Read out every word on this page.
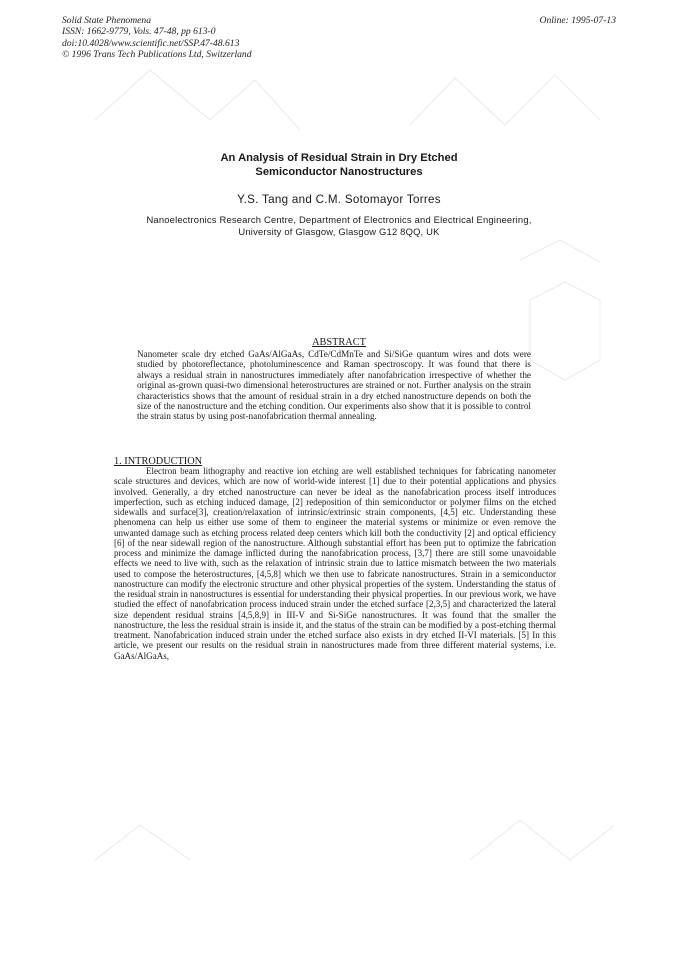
Solid State Phenomena
ISSN: 1662-9779, Vols. 47-48, pp 613-0
doi:10.4028/www.scientific.net/SSP.47-48.613
© 1996 Trans Tech Publications Ltd, Switzerland
Online: 1995-07-13
An Analysis of Residual Strain in Dry Etched
Semiconductor Nanostructures
Y.S. Tang and C.M. Sotomayor Torres
Nanoelectronics Research Centre, Department of Electronics and Electrical Engineering,
University of Glasgow, Glasgow G12 8QQ, UK
ABSTRACT
Nanometer scale dry etched GaAs/AlGaAs, CdTe/CdMnTe and Si/SiGe quantum wires and dots were studied by photoreflectance, photoluminescence and Raman spectroscopy. It was found that there is always a residual strain in nanostructures immediately after nanofabrication irrespective of whether the original as-grown quasi-two dimensional heterostructures are strained or not. Further analysis on the strain characteristics shows that the amount of residual strain in a dry etched nanostructure depends on both the size of the nanostructure and the etching condition. Our experiments also show that it is possible to control the strain status by using post-nanofabrication thermal annealing.
1. INTRODUCTION

Electron beam lithography and reactive ion etching are well established techniques for fabricating nanometer scale structures and devices, which are now of world-wide interest [1] due to their potential applications and physics involved. Generally, a dry etched nanostructure can never be ideal as the nanofabrication process itself introduces imperfection, such as etching induced damage, [2] redeposition of thin semiconductor or polymer films on the etched sidewalls and surface[3], creation/relaxation of intrinsic/extrinsic strain components, [4,5] etc. Understanding these phenomena can help us either use some of them to engineer the material systems or minimize or even remove the unwanted damage such as etching process related deep centers which kill both the conductivity [2] and optical efficiency [6] of the near sidewall region of the nanostructure. Although substantial effort has been put to optimize the fabrication process and minimize the damage inflicted during the nanofabrication process, [3,7] there are still some unavoidable effects we need to live with, such as the relaxation of intrinsic strain due to lattice mismatch between the two materials used to compose the heterostructures, [4,5,8] which we then use to fabricate nanostructures. Strain in a semiconductor nanostructure can modify the electronic structure and other physical properties of the system. Understanding the status of the residual strain in nanostructures is essential for understanding their physical properties. In our previous work, we have studied the effect of nanofabrication process induced strain under the etched surface [2,3,5] and characterized the lateral size dependent residual strains [4,5,8,9] in III-V and Si-SiGe nanostructures. It was found that the smaller the nanostructure, the less the residual strain is inside it, and the status of the strain can be modified by a post-etching thermal treatment. Nanofabrication induced strain under the etched surface also exists in dry etched II-VI materials. [5] In this article, we present our results on the residual strain in nanostructures made from three different material systems, i.e. GaAs/AlGaAs,
